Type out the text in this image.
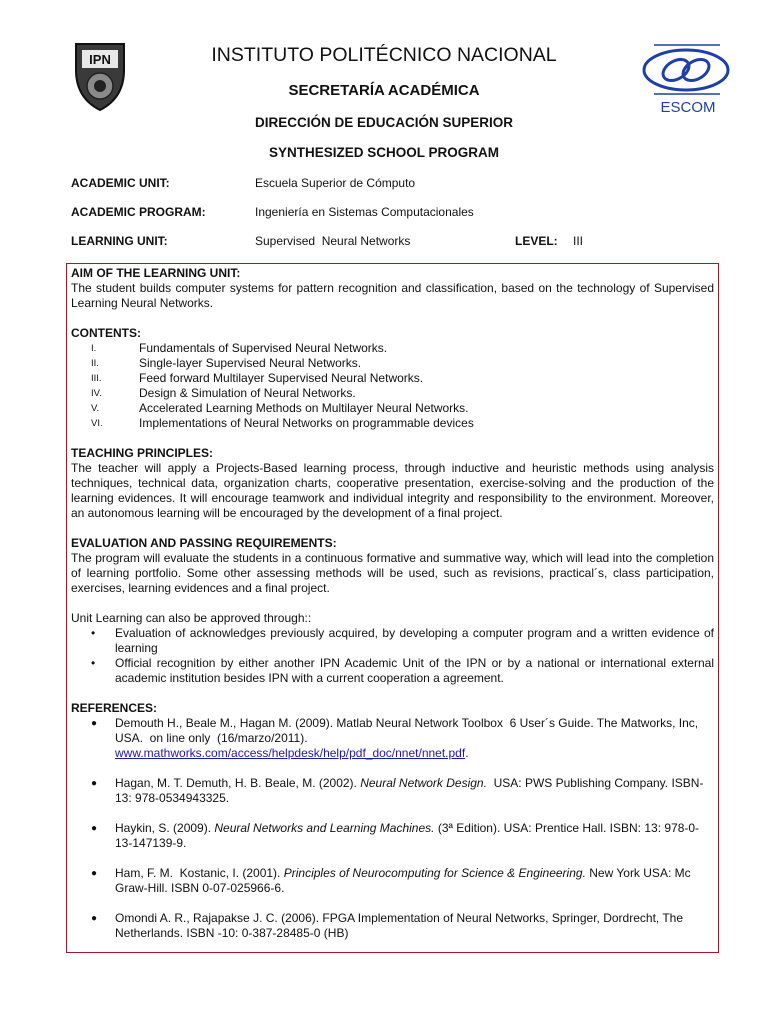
IPN
ESCOM
INSTITUTO POLITÉCNICO NACIONAL
SECRETARÍA ACADÉMICA
DIRECCIÓN DE EDUCACIÓN SUPERIOR
SYNTHESIZED SCHOOL PROGRAM
ACADEMIC UNIT:	Escuela Superior de Cómputo
ACADEMIC PROGRAM:	Ingeniería en Sistemas Computacionales
LEARNING UNIT:	Supervised  Neural Networks	LEVEL: III
AIM OF THE LEARNING UNIT:
The student builds computer systems for pattern recognition and classification, based on the technology of Supervised Learning Neural Networks.
CONTENTS:
I.	Fundamentals of Supervised Neural Networks.
II.	Single-layer Supervised Neural Networks.
III.	Feed forward Multilayer Supervised Neural Networks.
IV.	Design & Simulation of Neural Networks.
V.	Accelerated Learning Methods on Multilayer Neural Networks.
VI.	Implementations of Neural Networks on programmable devices
TEACHING PRINCIPLES:
The teacher will apply a Projects-Based learning process, through inductive and heuristic methods using analysis techniques, technical data, organization charts, cooperative presentation, exercise-solving and the production of the learning evidences. It will encourage teamwork and individual integrity and responsibility to the environment. Moreover, an autonomous learning will be encouraged by the development of a final project.
EVALUATION AND PASSING REQUIREMENTS:
The program will evaluate the students in a continuous formative and summative way, which will lead into the completion of learning portfolio. Some other assessing methods will be used, such as revisions, practical´s, class participation, exercises, learning evidences and a final project.
Unit Learning can also be approved through::
•	Evaluation of acknowledges previously acquired, by developing a computer program and a written evidence of learning
•	Official recognition by either another IPN Academic Unit of the IPN or by a national or international external academic institution besides IPN with a current cooperation a agreement.
REFERENCES:
●	Demouth H., Beale M., Hagan M. (2009). Matlab Neural Network Toolbox  6 User´s Guide. The Matworks, Inc, USA.  on line only  (16/marzo/2011).
www.mathworks.com/access/helpdesk/help/pdf_doc/nnet/nnet.pdf.
●	Hagan, M. T. Demuth, H. B. Beale, M. (2002). Neural Network Design.  USA: PWS Publishing Company. ISBN-13: 978-0534943325.
●	Haykin, S. (2009). Neural Networks and Learning Machines. (3ª Edition). USA: Prentice Hall. ISBN: 13: 978-0-13-147139-9.
●	Ham, F. M.  Kostanic, I. (2001). Principles of Neurocomputing for Science & Engineering. New York USA: Mc Graw-Hill. ISBN 0-07-025966-6.
●	Omondi A. R., Rajapakse J. C. (2006). FPGA Implementation of Neural Networks, Springer, Dordrecht, The Netherlands. ISBN -10: 0-387-28485-0 (HB)
